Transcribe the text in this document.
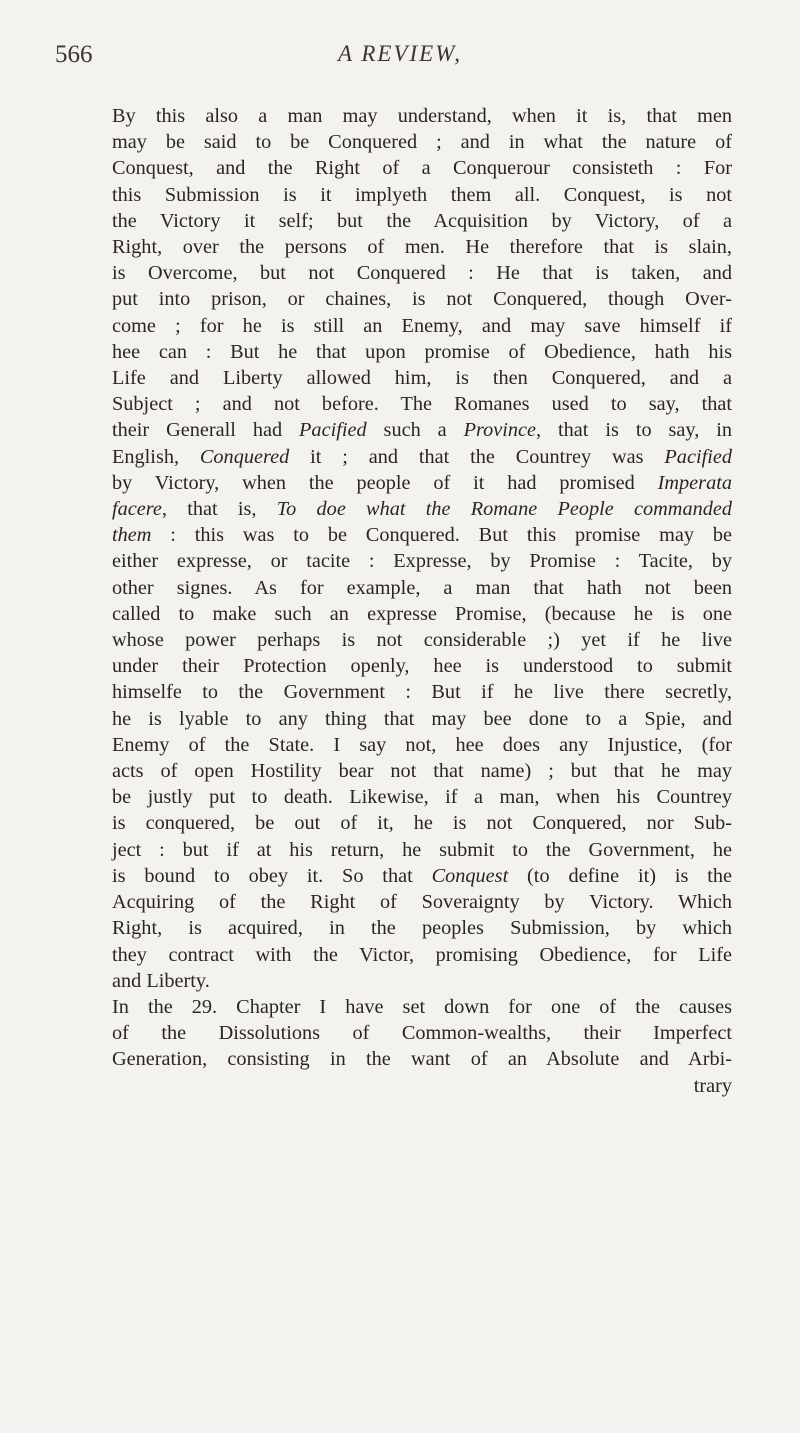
566	A REVIEW,
By this also a man may understand, when it is, that men
may be said to be Conquered ; and in what the nature of
Conquest, and the Right of a Conquerour consisteth : For
this Submission is it implyeth them all. Conquest, is not
the Victory it self; but the Acquisition by Victory, of a
Right, over the persons of men. He therefore that is slain,
is Overcome, but not Conquered : He that is taken, and
put into prison, or chaines, is not Conquered, though Over-
come ; for he is still an Enemy, and may save himself if
hee can : But he that upon promise of Obedience, hath his
Life and Liberty allowed him, is then Conquered, and a
Subject ; and not before. The Romanes used to say, that
their Generall had Pacified such a Province, that is to say, in
English, Conquered it ; and that the Countrey was Pacified
by Victory, when the people of it had promised Imperata
facere, that is, To doe what the Romane People commanded
them : this was to be Conquered. But this promise may be
either expresse, or tacite : Expresse, by Promise : Tacite, by
other signes. As for example, a man that hath not been
called to make such an expresse Promise, (because he is one
whose power perhaps is not considerable ;) yet if he live
under their Protection openly, hee is understood to submit
himselfe to the Government : But if he live there secretly,
he is lyable to any thing that may bee done to a Spie, and
Enemy of the State. I say not, hee does any Injustice, (for
acts of open Hostility bear not that name) ; but that he may
be justly put to death. Likewise, if a man, when his Countrey
is conquered, be out of it, he is not Conquered, nor Sub-
ject : but if at his return, he submit to the Government, he
is bound to obey it. So that Conquest (to define it) is the
Acquiring of the Right of Soveraignty by Victory. Which
Right, is acquired, in the peoples Submission, by which
they contract with the Victor, promising Obedience, for Life
and Liberty.
In the 29. Chapter I have set down for one of the causes
of the Dissolutions of Common-wealths, their Imperfect
Generation, consisting in the want of an Absolute and Arbi-
trary
